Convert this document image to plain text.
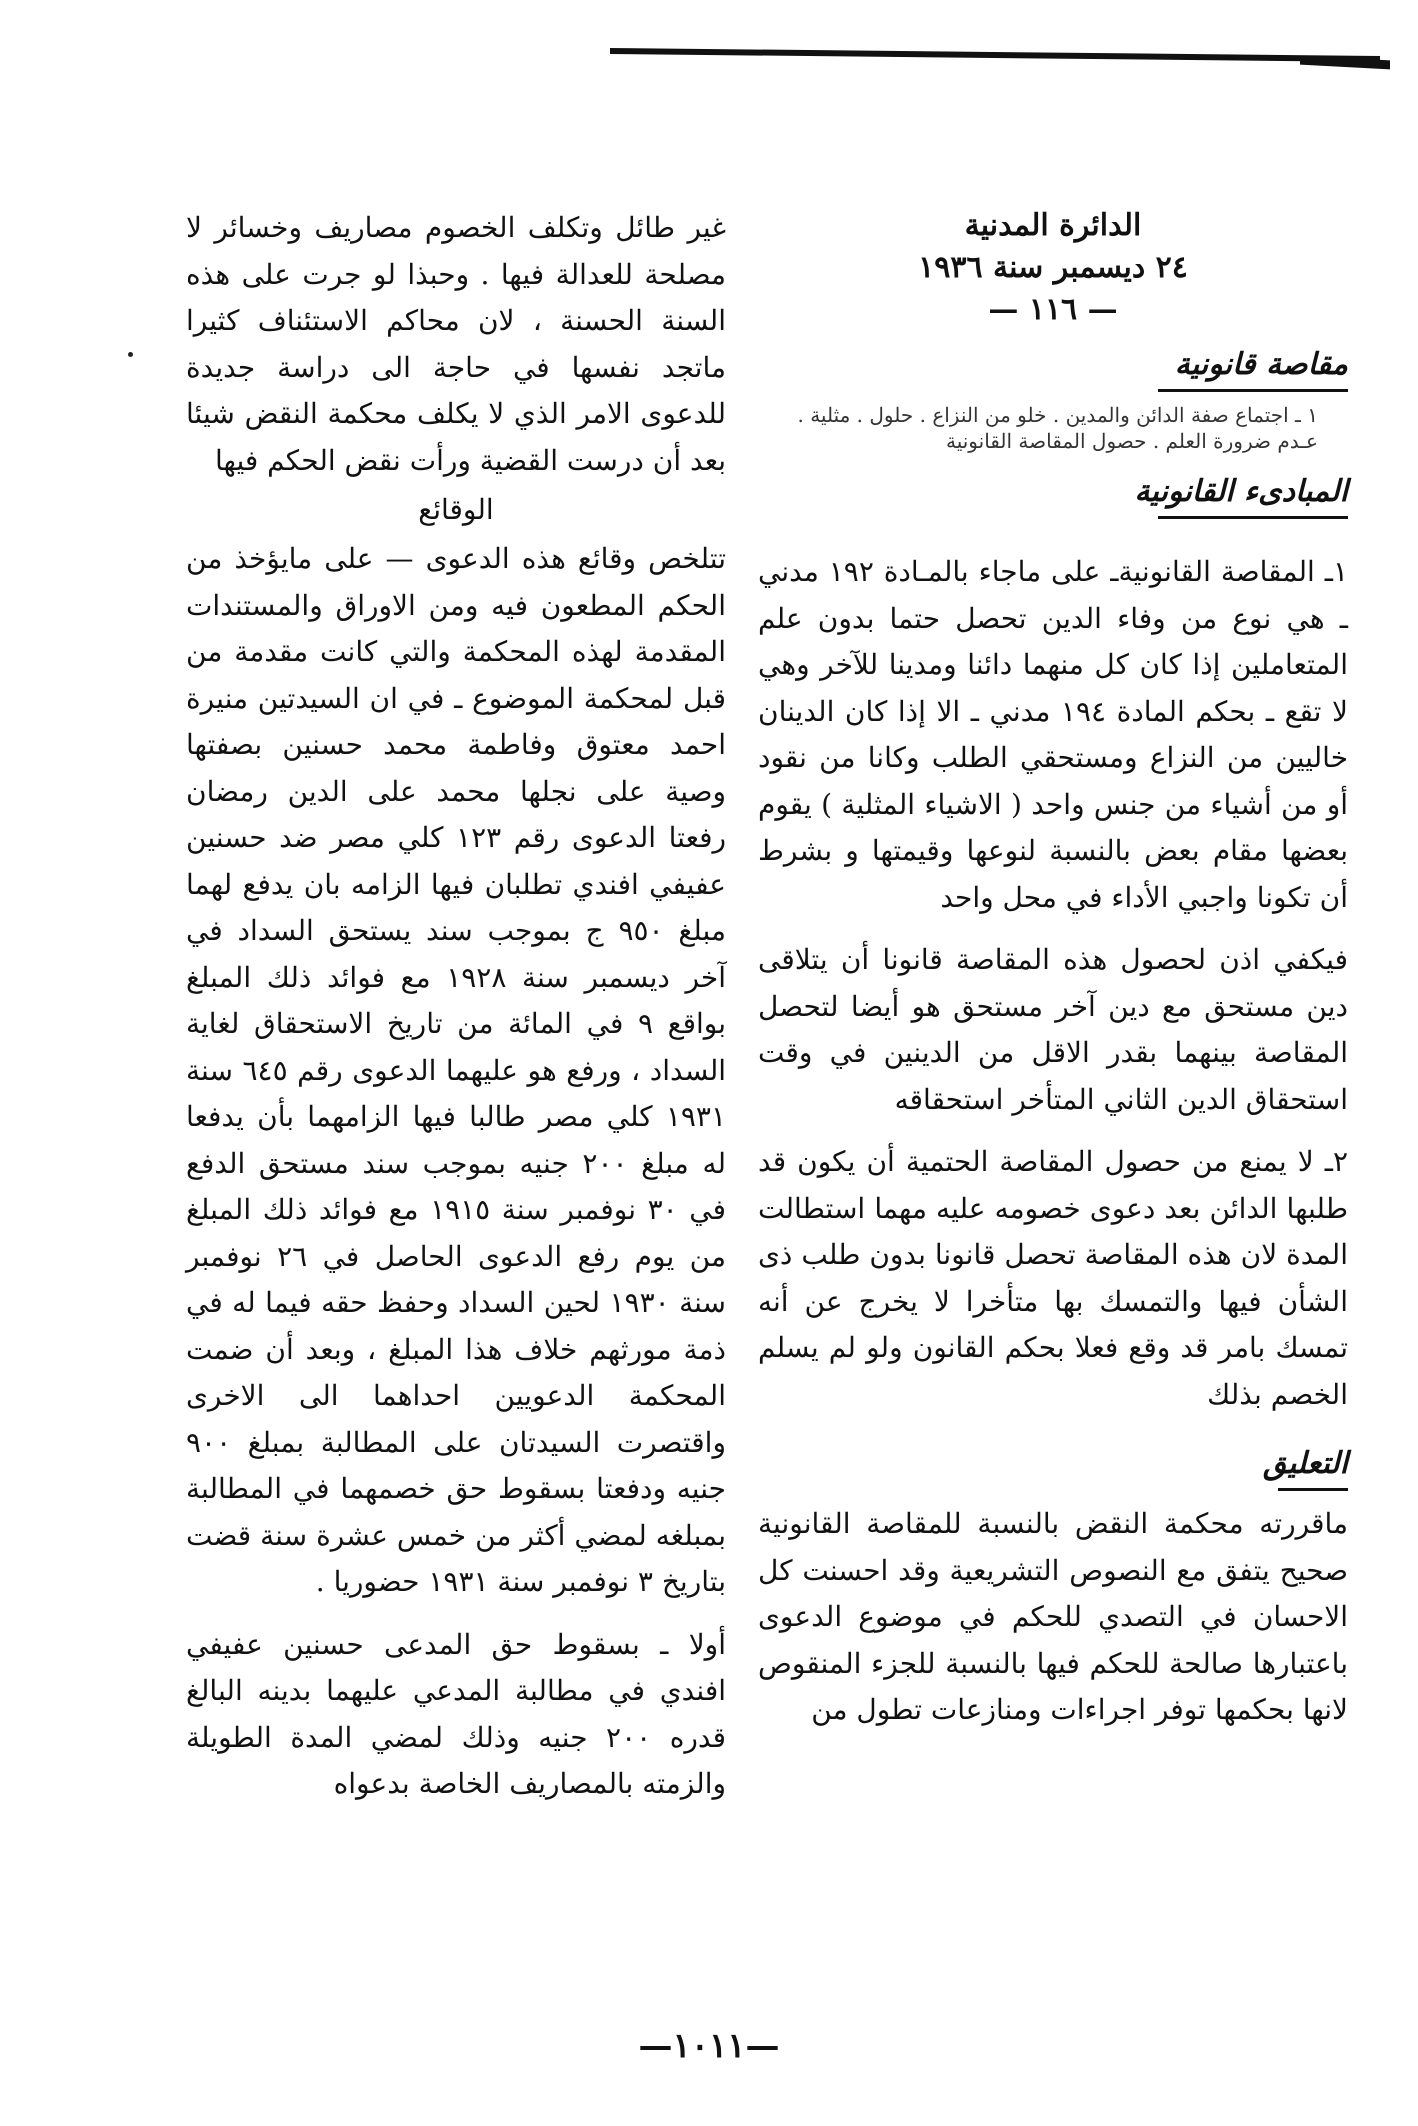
الدائرة المدنية
٢٤ ديسمبر سنة ١٩٣٦
— ١١٦ —
مقاصة قانونية
١ ـ اجتماع صفة الدائن والمدين . خلو من النزاع . حلول . مثلية . عـدم ضرورة العلم . حصول المقاصة القانونية
المبادىء القانونية

١ـ المقاصة القانونيةـ على ماجاء بالمـادة ١٩٢ مدني ـ هي نوع من وفاء الدين تحصل حتما بدون علم المتعاملين إذا كان كل منهما دائنا ومدينا للآخر وهي لا تقع ـ بحكم المادة ١٩٤ مدني ـ الا إذا كان الدينان خاليين من النزاع ومستحقي الطلب وكانا من نقود أو من أشياء من جنس واحد ( الاشياء المثلية ) يقوم بعضها مقام بعض بالنسبة لنوعها وقيمتها و بشرط أن تكونا واجبي الأداء في محل واحد

فيكفي اذن لحصول هذه المقاصة قانونا أن يتلاقى دين مستحق مع دين آخر مستحق هو أيضا لتحصل المقاصة بينهما بقدر الاقل من الدينين في وقت استحقاق الدين الثاني المتأخر استحقاقه

٢ـ لا يمنع من حصول المقاصة الحتمية أن يكون قد طلبها الدائن بعد دعوى خصومه عليه مهما استطالت المدة لان هذه المقاصة تحصل قانونا بدون طلب ذى الشأن فيها والتمسك بها متأخرا لا يخرج عن أنه تمسك بامر قد وقع فعلا بحكم القانون ولو لم يسلم الخصم بذلك

التعليق

ماقررته محكمة النقض بالنسبة للمقاصة القانونية صحيح يتفق مع النصوص التشريعية وقد احسنت كل الاحسان في التصدي للحكم في موضوع الدعوى باعتبارها صالحة للحكم فيها بالنسبة للجزء المنقوص لانها بحكمها توفر اجراءات ومنازعات تطول من

غير طائل وتكلف الخصوم مصاريف وخسائر لا مصلحة للعدالة فيها . وحبذا لو جرت على هذه السنة الحسنة ، لان محاكم الاستئناف كثيرا ماتجد نفسها في حاجة الى دراسة جديدة للدعوى الامر الذي لا يكلف محكمة النقض شيئا بعد أن درست القضية ورأت نقض الحكم فيها

الوقائع

تتلخص وقائع هذه الدعوى — على مايؤخذ من الحكم المطعون فيه ومن الاوراق والمستندات المقدمة لهذه المحكمة والتي كانت مقدمة من قبل لمحكمة الموضوع ـ في ان السيدتين منيرة احمد معتوق وفاطمة محمد حسنين بصفتها وصية على نجلها محمد على الدين رمضان رفعتا الدعوى رقم ١٢٣ كلي مصر ضد حسنين عفيفي افندي تطلبان فيها الزامه بان يدفع لهما مبلغ ٩٥٠ ج بموجب سند يستحق السداد في آخر ديسمبر سنة ١٩٢٨ مع فوائد ذلك المبلغ بواقع ٩ في المائة من تاريخ الاستحقاق لغاية السداد ، ورفع هو عليهما الدعوى رقم ٦٤٥ سنة ١٩٣١ كلي مصر طالبا فيها الزامهما بأن يدفعا له مبلغ ٢٠٠ جنيه بموجب سند مستحق الدفع في ٣٠ نوفمبر سنة ١٩١٥ مع فوائد ذلك المبلغ من يوم رفع الدعوى الحاصل في ٢٦ نوفمبر سنة ١٩٣٠ لحين السداد وحفظ حقه فيما له في ذمة مورثهم خلاف هذا المبلغ ، وبعد أن ضمت المحكمة الدعويين احداهما الى الاخرى واقتصرت السيدتان على المطالبة بمبلغ ٩٠٠ جنيه ودفعتا بسقوط حق خصمهما في المطالبة بمبلغه لمضي أكثر من خمس عشرة سنة قضت بتاريخ ٣ نوفمبر سنة ١٩٣١ حضوريا .

أولا ـ بسقوط حق المدعى حسنين عفيفي افندي في مطالبة المدعي عليهما بدينه البالغ قدره ٢٠٠ جنيه وذلك لمضي المدة الطويلة والزمته بالمصاريف الخاصة بدعواه

—١٠١١—
